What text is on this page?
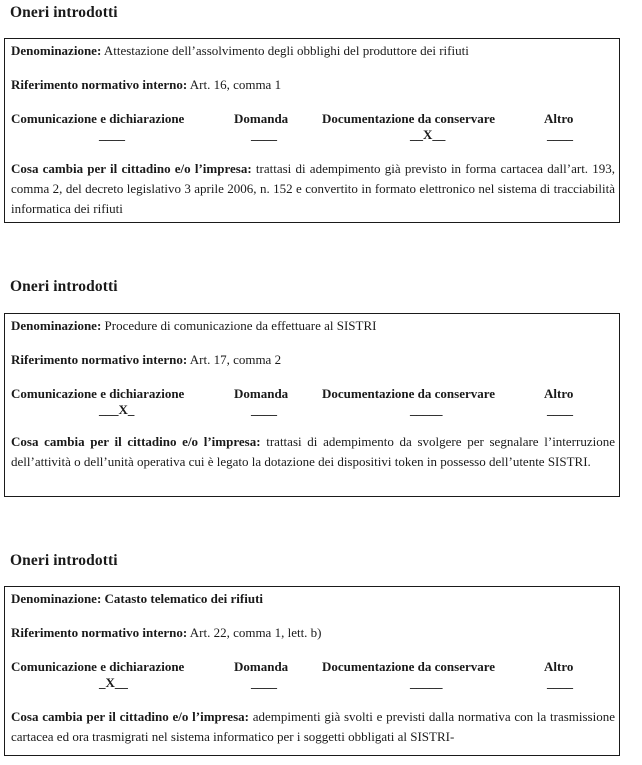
Oneri introdotti
Denominazione: Attestazione dell’assolvimento degli obblighi del produttore dei rifiuti
Riferimento normativo interno: Art. 16, comma 1
Comunicazione e dichiarazione	Domanda	Documentazione da conservare	Altro
____	____	__X__	____
Cosa cambia per il cittadino e/o l’impresa: trattasi di adempimento già previsto in forma cartacea dall’art. 193, comma 2, del decreto legislativo 3 aprile 2006, n. 152 e convertito in formato elettronico nel sistema di tracciabilità informatica dei rifiuti
Oneri introdotti
Denominazione: Procedure di comunicazione da effettuare al SISTRI
Riferimento normativo interno: Art. 17, comma 2
Comunicazione e dichiarazione	Domanda	Documentazione da conservare	Altro
___X_	____	_____	____
Cosa cambia per il cittadino e/o l’impresa: trattasi di adempimento da svolgere per segnalare l’interruzione dell’attività o dell’unità operativa cui è legato la dotazione dei dispositivi token in possesso dell’utente SISTRI.
Oneri introdotti
Denominazione: Catasto telematico dei rifiuti
Riferimento normativo interno: Art. 22, comma 1, lett. b)
Comunicazione e dichiarazione	Domanda	Documentazione da conservare	Altro
_X__	____	_____	____
Cosa cambia per il cittadino e/o l’impresa: adempimenti già svolti e previsti dalla normativa con la trasmissione cartacea ed ora trasmigrati nel sistema informatico per i soggetti obbligati al SISTRI-
